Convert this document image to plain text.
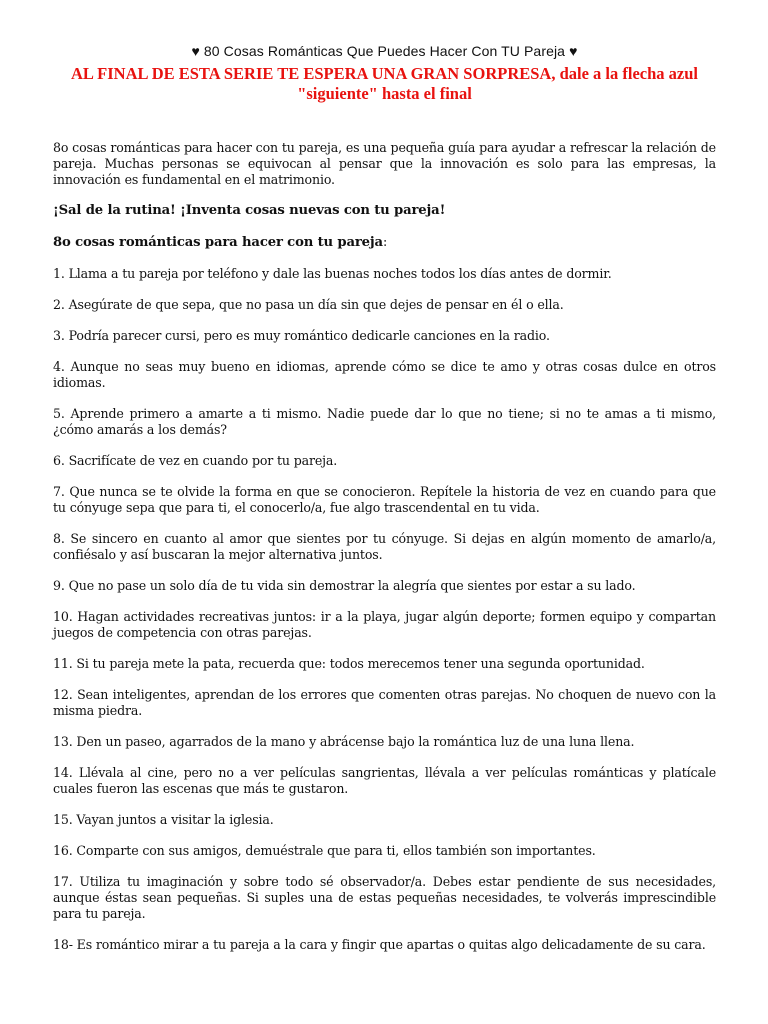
♥ 80 Cosas Románticas Que Puedes Hacer Con TU Pareja ♥
AL FINAL DE ESTA SERIE TE ESPERA UNA GRAN SORPRESA, dale a la flecha azul
"siguiente" hasta el final

8o cosas románticas para hacer con tu pareja, es una pequeña guía para ayudar a refrescar la relación de pareja. Muchas personas se equivocan al pensar que la innovación es solo para las empresas, la innovación es fundamental en el matrimonio.

¡Sal de la rutina! ¡Inventa cosas nuevas con tu pareja!

8o cosas románticas para hacer con tu pareja:

1. Llama a tu pareja por teléfono y dale las buenas noches todos los días antes de dormir.

2. Asegúrate de que sepa, que no pasa un día sin que dejes de pensar en él o ella.

3. Podría parecer cursi, pero es muy romántico dedicarle canciones en la radio.

4. Aunque no seas muy bueno en idiomas, aprende cómo se dice te amo y otras cosas dulce en otros idiomas.

5. Aprende primero a amarte a ti mismo. Nadie puede dar lo que no tiene; si no te amas a ti mismo, ¿cómo amarás a los demás?

6. Sacrifícate de vez en cuando por tu pareja.

7. Que nunca se te olvide la forma en que se conocieron. Repítele la historia de vez en cuando para que tu cónyuge sepa que para ti, el conocerlo/a, fue algo trascendental en tu vida.

8. Se sincero en cuanto al amor que sientes por tu cónyuge. Si dejas en algún momento de amarlo/a, confiésalo y así buscaran la mejor alternativa juntos.

9. Que no pase un solo día de tu vida sin demostrar la alegría que sientes por estar a su lado.

10. Hagan actividades recreativas juntos: ir a la playa, jugar algún deporte; formen equipo y compartan juegos de competencia con otras parejas.

11. Si tu pareja mete la pata, recuerda que: todos merecemos tener una segunda oportunidad.

12. Sean inteligentes, aprendan de los errores que comenten otras parejas. No choquen de nuevo con la misma piedra.

13. Den un paseo, agarrados de la mano y abrácense bajo la romántica luz de una luna llena.

14. Llévala al cine, pero no a ver películas sangrientas, llévala a ver películas románticas y platícale cuales fueron las escenas que más te gustaron.

15. Vayan juntos a visitar la iglesia.

16. Comparte con sus amigos, demuéstrale que para ti, ellos también son importantes.

17. Utiliza tu imaginación y sobre todo sé observador/a. Debes estar pendiente de sus necesidades, aunque éstas sean pequeñas. Si suples una de estas pequeñas necesidades, te volverás imprescindible para tu pareja.

18- Es romántico mirar a tu pareja a la cara y fingir que apartas o quitas algo delicadamente de su cara.
